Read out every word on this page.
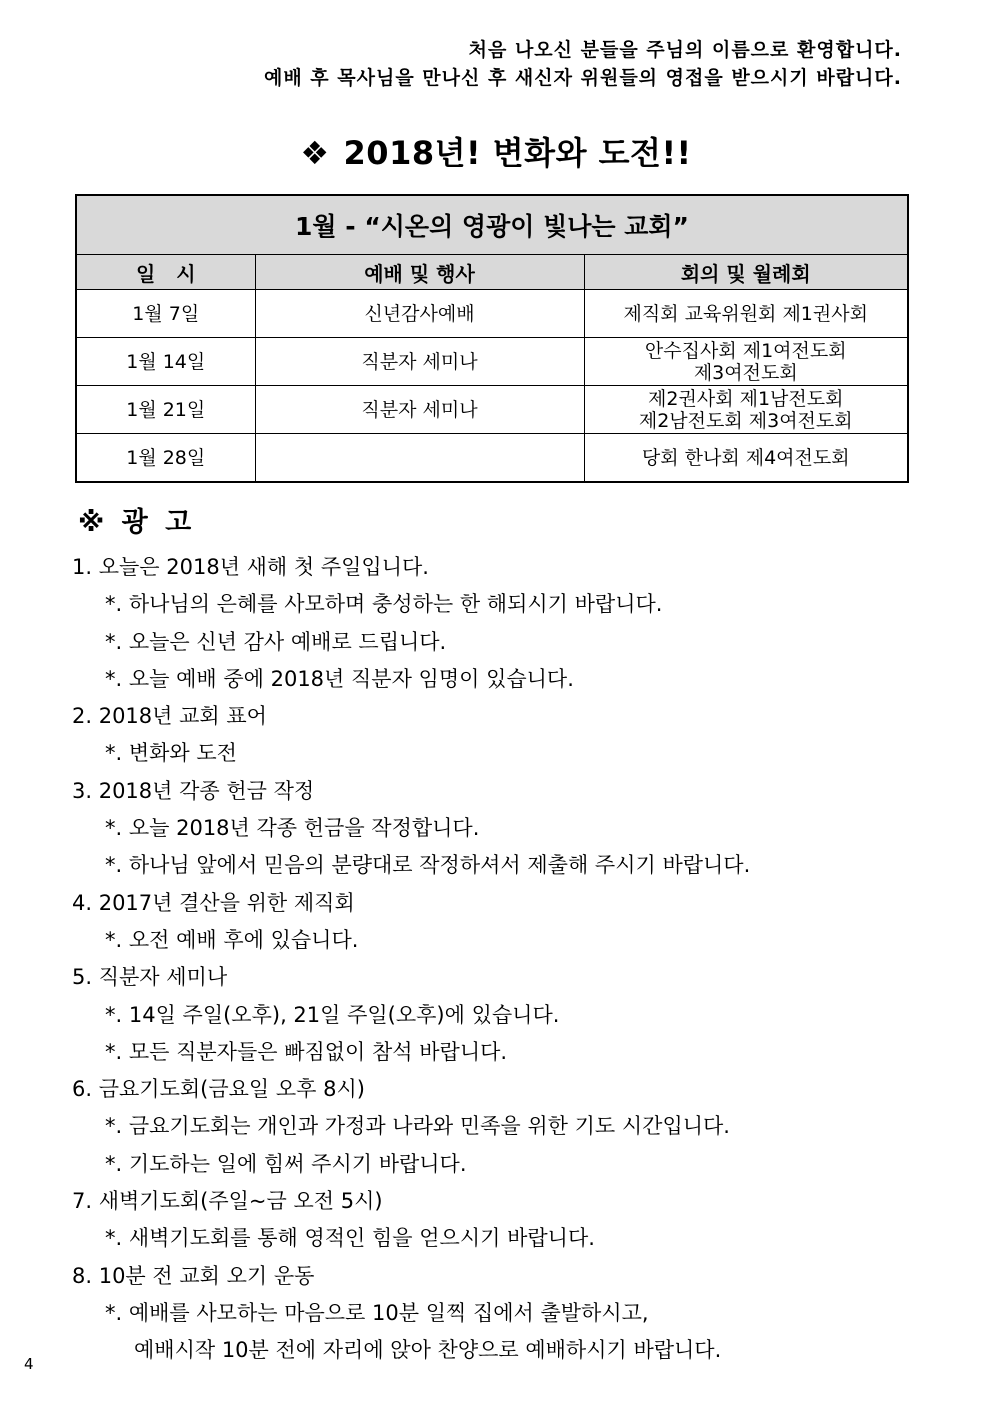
처음 나오신 분들을 주님의 이름으로 환영합니다.
예배 후 목사님을 만나신 후 새신자 위원들의 영접을 받으시기 바랍니다.
❖ 2018년! 변화와 도전!!
1월 - “시온의 영광이 빛나는 교회”		
일   시	예배 및 행사	회의 및 월례회
1월 7일	신년감사예배	제직회 교육위원회 제1권사회

1월 14일	직분자 세미나	안수집사회 제1여전도회
제3여전도회

1월 21일	직분자 세미나	제2권사회 제1남전도회
제2남전도회 제3여전도회

1월 28일		당회 한나회 제4여전도회
※ 광 고
1. 오늘은 2018년 새해 첫 주일입니다.
*. 하나님의 은혜를 사모하며 충성하는 한 해되시기 바랍니다.
*. 오늘은 신년 감사 예배로 드립니다.
*. 오늘 예배 중에 2018년 직분자 임명이 있습니다.
2. 2018년 교회 표어
*. 변화와 도전
3. 2018년 각종 헌금 작정
*. 오늘 2018년 각종 헌금을 작정합니다.
*. 하나님 앞에서 믿음의 분량대로 작정하셔서 제출해 주시기 바랍니다.
4. 2017년 결산을 위한 제직회
*. 오전 예배 후에 있습니다.
5. 직분자 세미나
*. 14일 주일(오후), 21일 주일(오후)에 있습니다.
*. 모든 직분자들은 빠짐없이 참석 바랍니다.
6. 금요기도회(금요일 오후 8시)
*. 금요기도회는 개인과 가정과 나라와 민족을 위한 기도 시간입니다.
*. 기도하는 일에 힘써 주시기 바랍니다.
7. 새벽기도회(주일~금 오전 5시)
*. 새벽기도회를 통해 영적인 힘을 얻으시기 바랍니다.
8. 10분 전 교회 오기 운동
*. 예배를 사모하는 마음으로 10분 일찍 집에서 출발하시고,
예배시작 10분 전에 자리에 앉아 찬양으로 예배하시기 바랍니다.
4
